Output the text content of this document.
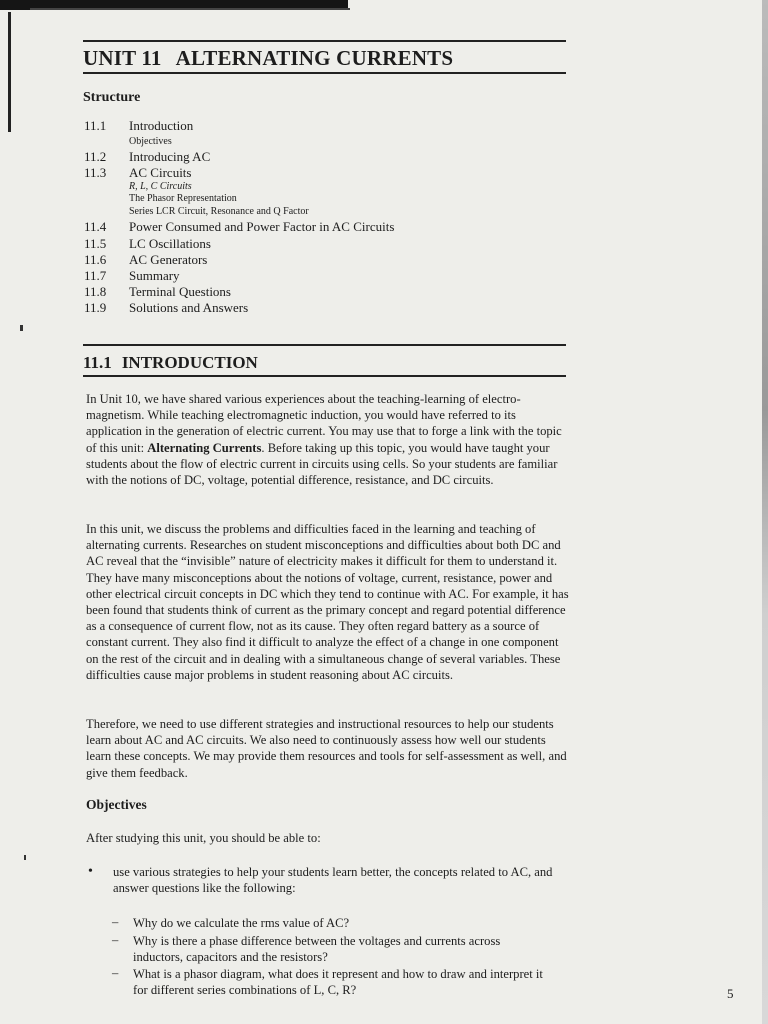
UNIT 11 ALTERNATING CURRENTS
Structure
11.1 Introduction
Objectives
11.2 Introducing AC
11.3 AC Circuits
R, L, C Circuits
The Phasor Representation
Series LCR Circuit, Resonance and Q Factor
11.4 Power Consumed and Power Factor in AC Circuits
11.5 LC Oscillations
11.6 AC Generators
11.7 Summary
11.8 Terminal Questions
11.9 Solutions and Answers
11.1 INTRODUCTION
In Unit 10, we have shared various experiences about the teaching-learning of electro-magnetism. While teaching electromagnetic induction, you would have referred to its application in the generation of electric current. You may use that to forge a link with the topic of this unit: Alternating Currents. Before taking up this topic, you would have taught your students about the flow of electric current in circuits using cells. So your students are familiar with the notions of DC, voltage, potential difference, resistance, and DC circuits.
In this unit, we discuss the problems and difficulties faced in the learning and teaching of alternating currents. Researches on student misconceptions and difficulties about both DC and AC reveal that the “invisible” nature of electricity makes it difficult for them to understand it. They have many misconceptions about the notions of voltage, current, resistance, power and other electrical circuit concepts in DC which they tend to continue with AC. For example, it has been found that students think of current as the primary concept and regard potential difference as a consequence of current flow, not as its cause. They often regard battery as a source of constant current. They also find it difficult to analyze the effect of a change in one component on the rest of the circuit and in dealing with a simultaneous change of several variables. These difficulties cause major problems in student reasoning about AC circuits.
Therefore, we need to use different strategies and instructional resources to help our students learn about AC and AC circuits. We also need to continuously assess how well our students learn these concepts. We may provide them resources and tools for self-assessment as well, and give them feedback.
Objectives
After studying this unit, you should be able to:
• use various strategies to help your students learn better, the concepts related to AC, and answer questions like the following:
– Why do we calculate the rms value of AC?
– Why is there a phase difference between the voltages and currents across inductors, capacitors and the resistors?
– What is a phasor diagram, what does it represent and how to draw and interpret it for different series combinations of L, C, R?	5
